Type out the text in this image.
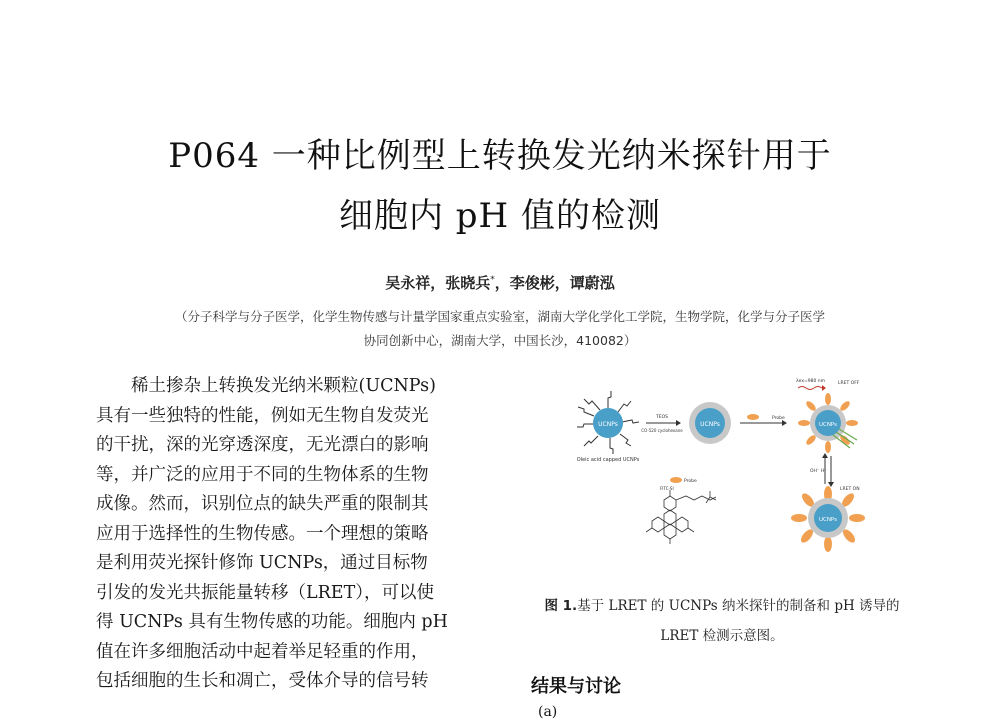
P064 一种比例型上转换发光纳米探针用于
细胞内 pH 值的检测
吴永祥，张晓兵*，李俊彬，谭蔚泓
（分子科学与分子医学，化学生物传感与计量学国家重点实验室，湖南大学化学化工学院，生物学院，化学与分子医学
协同创新中心，湖南大学，中国长沙，410082）
　　稀土掺杂上转换发光纳米颗粒(UCNPs)
具有一些独特的性能，例如无生物自发荧光
的干扰，深的光穿透深度，无光漂白的影响
等，并广泛的应用于不同的生物体系的生物
成像。然而，识别位点的缺失严重的限制其
应用于选择性的生物传感。一个理想的策略
是利用荧光探针修饰 UCNPs，通过目标物
引发的发光共振能量转移（LRET），可以使
得 UCNPs 具有生物传感的功能。细胞内 pH
值在许多细胞活动中起着举足轻重的作用，
包括细胞的生长和凋亡，受体介导的信号转
UCNPs
Oleic acid capped UCNPs
TEOS
CO-520 cyclohexane
UCNPs
Probe
UCNPs
λex=980 nm	LRET OFF
OH⁻ H⁺
UCNPs
LRET ON
Probe
FITC-SI
图 1.基于 LRET 的 UCNPs 纳米探针的制备和 pH 诱导的
LRET 检测示意图。
结果与讨论
(a)
